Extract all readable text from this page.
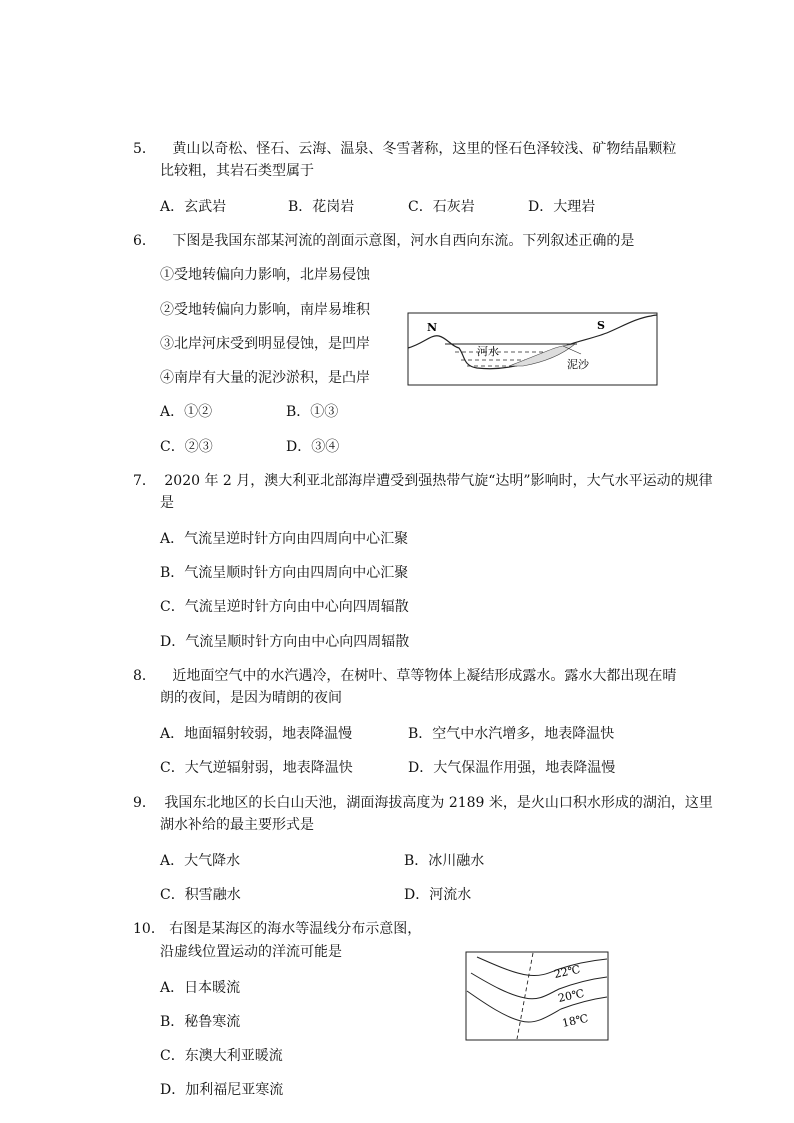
5． 黄山以奇松、怪石、云海、温泉、冬雪著称，这里的怪石色泽较浅、矿物结晶颗粒
比较粗，其岩石类型属于
A．玄武岩	B．花岗岩	C．石灰岩	D．大理岩
6． 下图是我国东部某河流的剖面示意图，河水自西向东流。下列叙述正确的是
①受地转偏向力影响，北岸易侵蚀
②受地转偏向力影响，南岸易堆积
③北岸河床受到明显侵蚀，是凹岸
④南岸有大量的泥沙淤积，是凸岸
A．①②	B．①③
C．②③	D．③④
N	S
河水
泥沙
7． 2020 年 2 月，澳大利亚北部海岸遭受到强热带气旋“达明”影响时，大气水平运动的规律
是
A．气流呈逆时针方向由四周向中心汇聚
B．气流呈顺时针方向由四周向中心汇聚
C．气流呈逆时针方向由中心向四周辐散
D．气流呈顺时针方向由中心向四周辐散
8． 近地面空气中的水汽遇冷，在树叶、草等物体上凝结形成露水。露水大都出现在晴
朗的夜间，是因为晴朗的夜间
A．地面辐射较弱，地表降温慢	B．空气中水汽增多，地表降温快
C．大气逆辐射弱，地表降温快	D．大气保温作用强，地表降温慢
9． 我国东北地区的长白山天池，湖面海拔高度为 2189 米，是火山口积水形成的湖泊，这里
湖水补给的最主要形式是
A．大气降水	B．冰川融水
C．积雪融水	D．河流水
10． 右图是某海区的海水等温线分布示意图，
沿虚线位置运动的洋流可能是
A．日本暖流
B．秘鲁寒流
C．东澳大利亚暖流
D．加利福尼亚寒流
22℃
20℃
18℃
